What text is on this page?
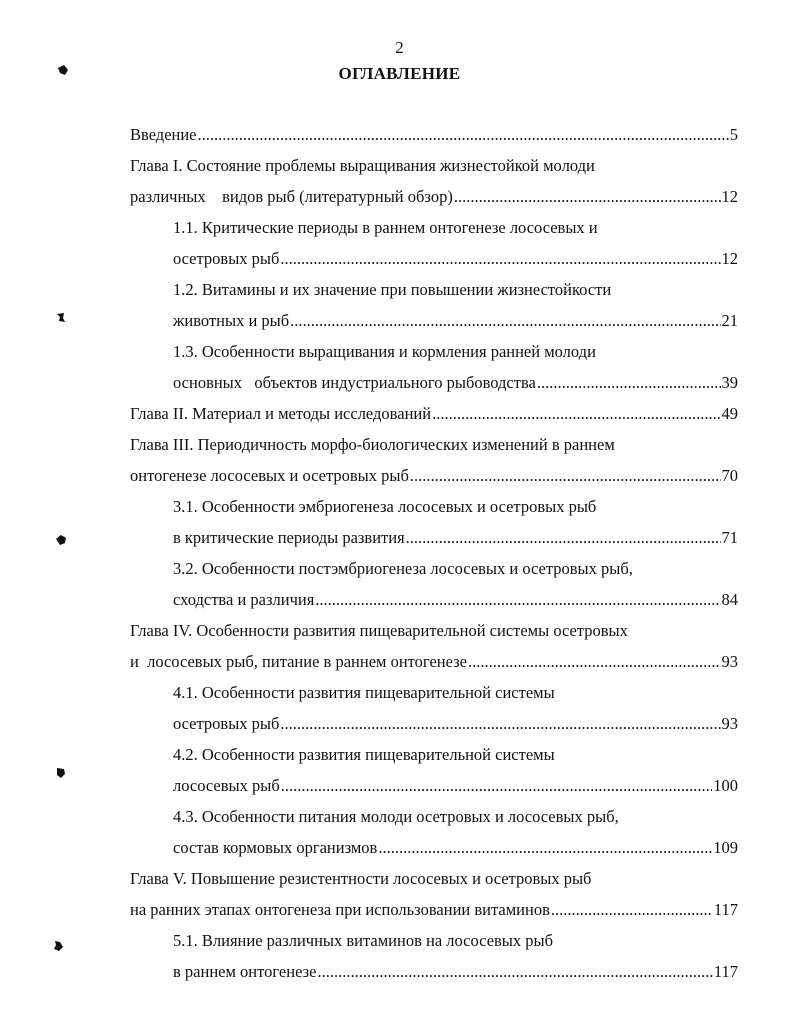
2
ОГЛАВЛЕНИЕ
Введение .....	5
Глава I. Состояние проблемы выращивания жизнестойкой молоди
различных    видов рыб (литературный обзор) .....	12
1.1. Критические периоды в раннем онтогенезе лососевых и
осетровых рыб .....	12
1.2. Витамины и их значение при повышении жизнестойкости
животных и рыб .....	21
1.3. Особенности выращивания и кормления ранней молоди
основных   объектов индустриального рыбоводства .....	39
Глава II. Материал и методы исследований .....	49
Глава III. Периодичность морфо-биологических изменений в раннем
онтогенезе лососевых и осетровых рыб .....	70
3.1. Особенности эмбриогенеза лососевых и осетровых рыб
в критические периоды развития .....	71
3.2. Особенности постэмбриогенеза лососевых и осетровых рыб,
сходства и различия .....	84
Глава IV. Особенности развития пищеварительной системы осетровых
и  лососевых рыб, питание в раннем онтогенезе .....	93
4.1. Особенности развития пищеварительной системы
осетровых рыб .....	93
4.2. Особенности развития пищеварительной системы
лососевых рыб .....	100
4.3. Особенности питания молоди осетровых и лососевых рыб,
состав кормовых организмов .....	109
Глава V. Повышение резистентности лососевых и осетровых рыб
на ранних этапах онтогенеза при использовании витаминов .....	117
5.1. Влияние различных витаминов на лососевых рыб
в раннем онтогенезе .....	117
